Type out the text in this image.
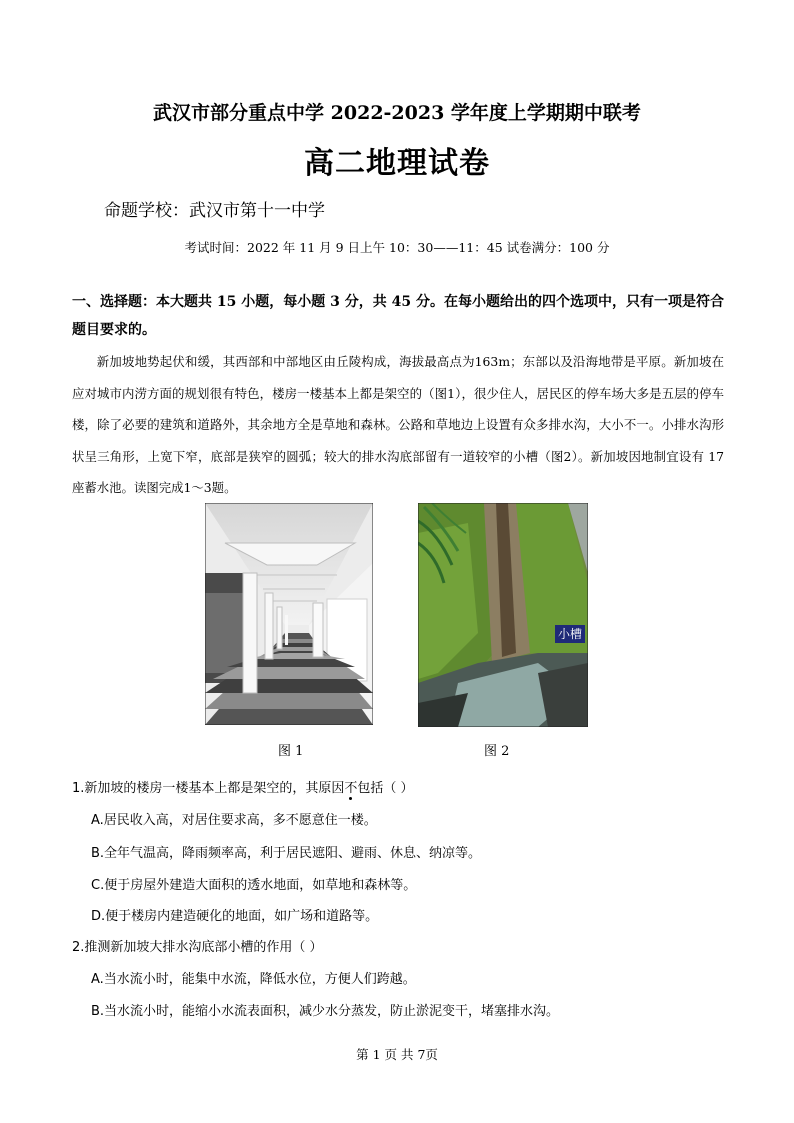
武汉市部分重点中学 2022-2023 学年度上学期期中联考
高二地理试卷
命题学校：武汉市第十一中学
考试时间：2022 年 11 月 9 日上午 10：30——11：45 试卷满分：100 分
一、选择题：本大题共 15 小题，每小题 3 分，共 45 分。在每小题给出的四个选项中，只有一项是符合题目要求的。
新加坡地势起伏和缓，其西部和中部地区由丘陵构成，海拔最高点为163m；东部以及沿海地带是平原。新加坡在应对城市内涝方面的规划很有特色，楼房一楼基本上都是架空的（图1），很少住人，居民区的停车场大多是五层的停车楼，除了必要的建筑和道路外，其余地方全是草地和森林。公路和草地边上设置有众多排水沟，大小不一。小排水沟形状呈三角形，上宽下窄，底部是狭窄的圆弧；较大的排水沟底部留有一道较窄的小槽（图2）。新加坡因地制宜设有 17 座蓄水池。读图完成1～3题。
小槽
图 1	图 2
1.新加坡的楼房一楼基本上都是架空的，其原因不包括（ ）
A.居民收入高，对居住要求高，多不愿意住一楼。
B.全年气温高，降雨频率高，利于居民遮阳、避雨、休息、纳凉等。
C.便于房屋外建造大面积的透水地面，如草地和森林等。
D.便于楼房内建造硬化的地面，如广场和道路等。
2.推测新加坡大排水沟底部小槽的作用（ ）
A.当水流小时，能集中水流，降低水位，方便人们跨越。
B.当水流小时，能缩小水流表面积，减少水分蒸发，防止淤泥变干，堵塞排水沟。
第 1 页 共 7页
